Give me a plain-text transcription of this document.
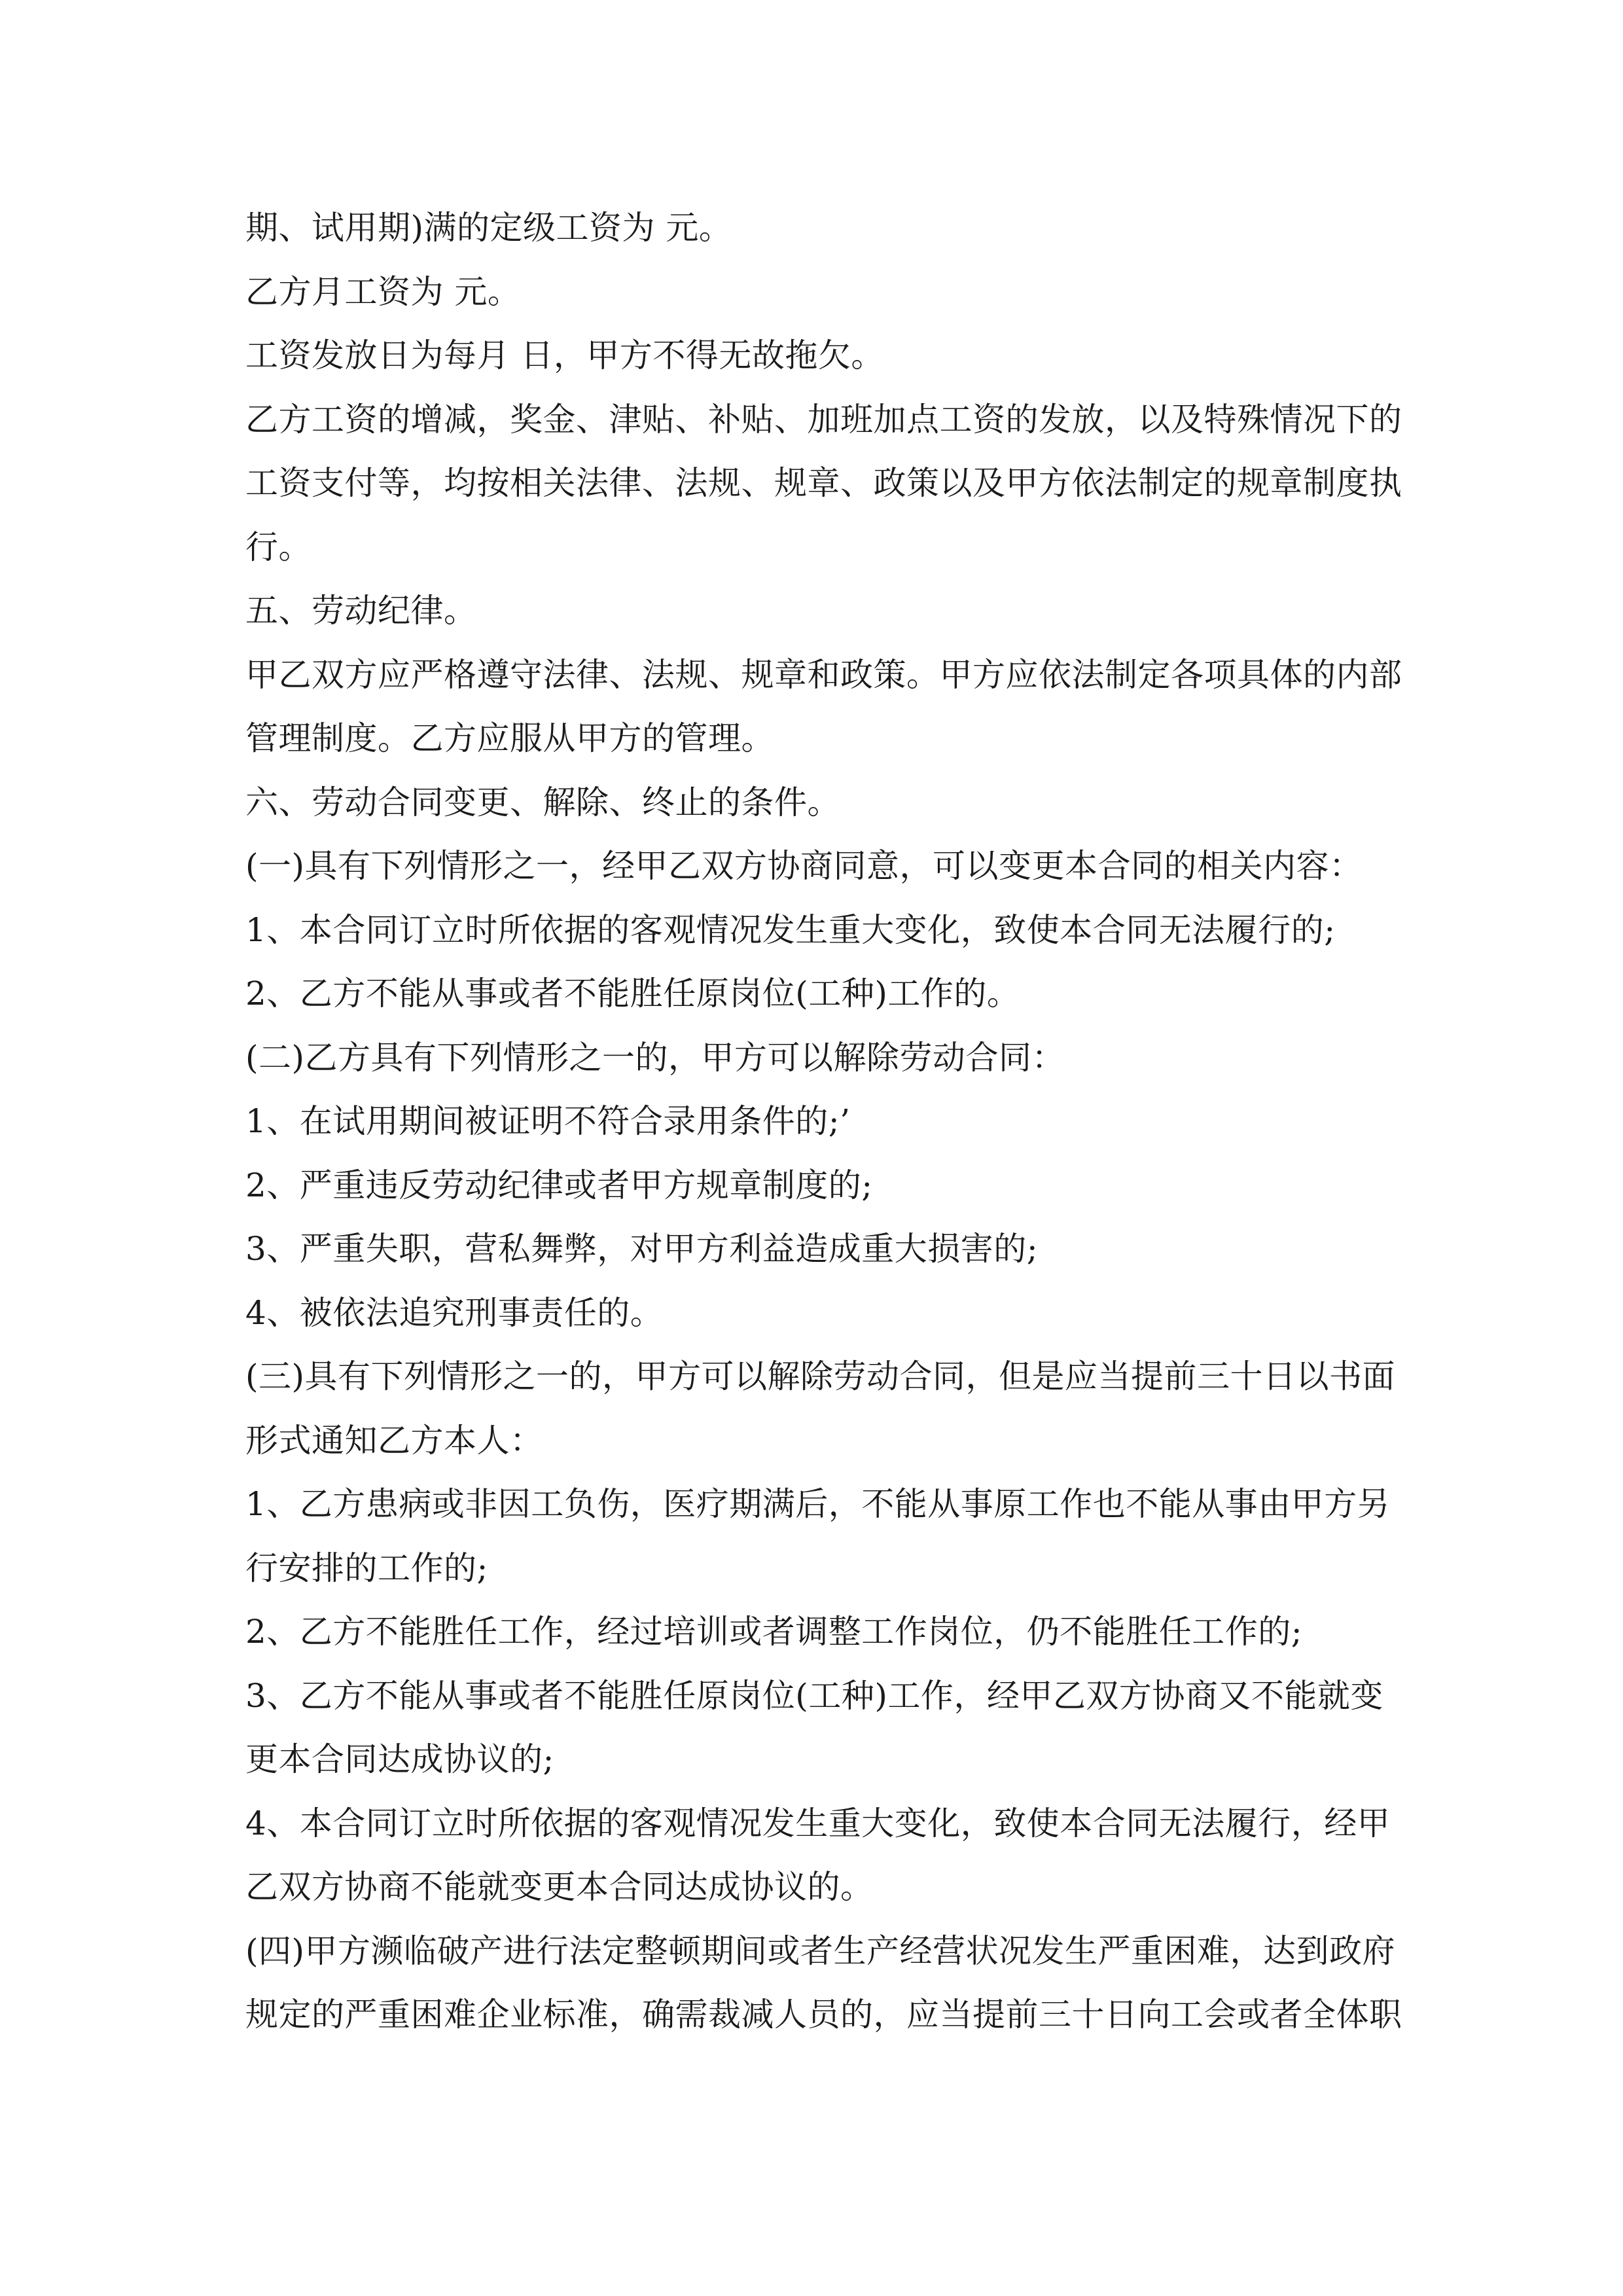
期、试用期)满的定级工资为 元。
乙方月工资为 元。
工资发放日为每月 日，甲方不得无故拖欠。
乙方工资的增减，奖金、津贴、补贴、加班加点工资的发放，以及特殊情况下的
工资支付等，均按相关法律、法规、规章、政策以及甲方依法制定的规章制度执
行。
五、劳动纪律。
甲乙双方应严格遵守法律、法规、规章和政策。甲方应依法制定各项具体的内部
管理制度。乙方应服从甲方的管理。
六、劳动合同变更、解除、终止的条件。
(一)具有下列情形之一，经甲乙双方协商同意，可以变更本合同的相关内容：
1、本合同订立时所依据的客观情况发生重大变化，致使本合同无法履行的;
2、乙方不能从事或者不能胜任原岗位(工种)工作的。
(二)乙方具有下列情形之一的，甲方可以解除劳动合同：
1、在试用期间被证明不符合录用条件的;’
2、严重违反劳动纪律或者甲方规章制度的;
3、严重失职，营私舞弊，对甲方利益造成重大损害的;
4、被依法追究刑事责任的。
(三)具有下列情形之一的，甲方可以解除劳动合同，但是应当提前三十日以书面
形式通知乙方本人：
1、乙方患病或非因工负伤，医疗期满后，不能从事原工作也不能从事由甲方另
行安排的工作的;
2、乙方不能胜任工作，经过培训或者调整工作岗位，仍不能胜任工作的;
3、乙方不能从事或者不能胜任原岗位(工种)工作，经甲乙双方协商又不能就变
更本合同达成协议的;
4、本合同订立时所依据的客观情况发生重大变化，致使本合同无法履行，经甲
乙双方协商不能就变更本合同达成协议的。
(四)甲方濒临破产进行法定整顿期间或者生产经营状况发生严重困难，达到政府
规定的严重困难企业标准，确需裁减人员的，应当提前三十日向工会或者全体职
